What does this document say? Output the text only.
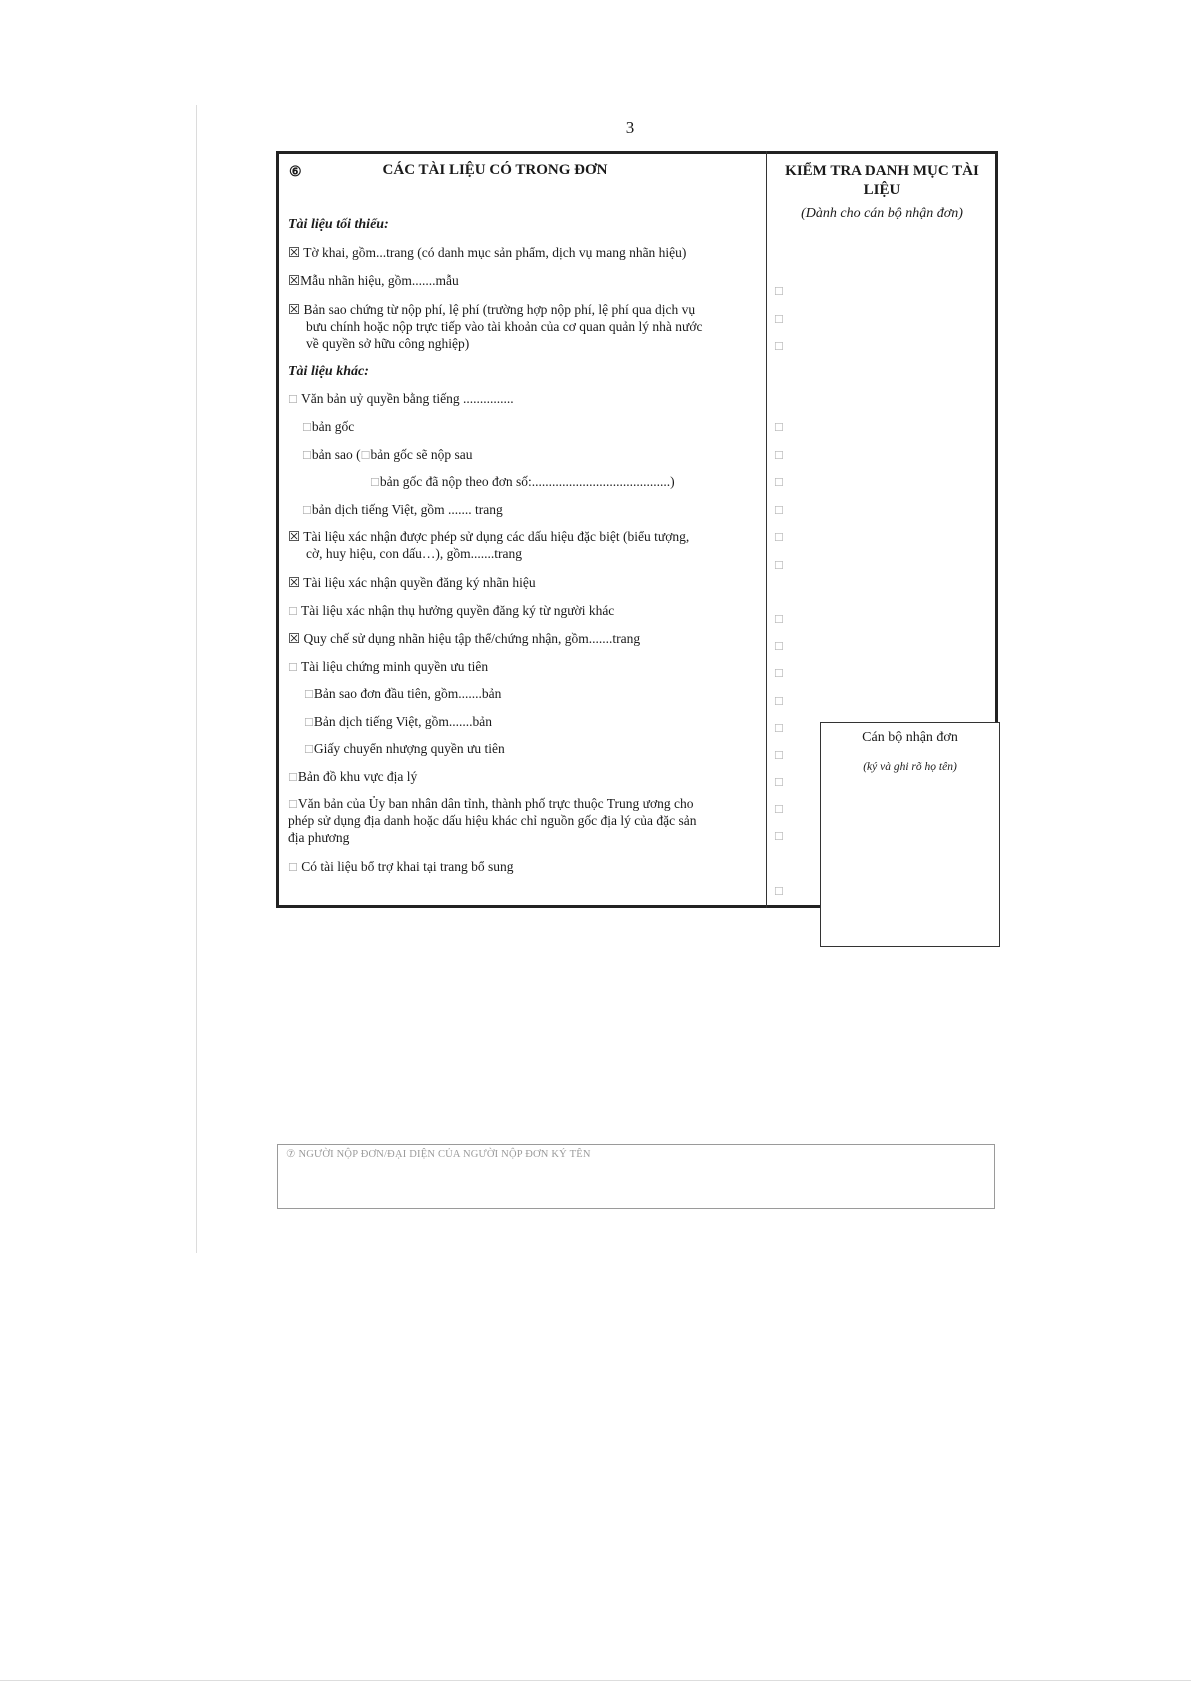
3
⑥	CÁC TÀI LIỆU CÓ TRONG ĐƠN	KIỂM TRA DANH MỤC TÀI LIỆU
(Dành cho cán bộ nhận đơn)
Tài liệu tối thiểu:
☒ Tờ khai, gồm...trang (có danh mục sản phẩm, dịch vụ mang nhãn hiệu)
☒Mẫu nhãn hiệu, gồm.......mẫu
☒ Bản sao chứng từ nộp phí, lệ phí (trường hợp nộp phí, lệ phí qua dịch vụ
bưu chính hoặc nộp trực tiếp vào tài khoản của cơ quan quản lý nhà nước
về quyền sở hữu công nghiệp)
Tài liệu khác:
☐ Văn bản uỷ quyền bằng tiếng ...............
☐bản gốc
☐bản sao (☐bản gốc sẽ nộp sau
☐bản gốc đã nộp theo đơn số:.........................................)
☐bản dịch tiếng Việt, gồm ....... trang
☒ Tài liệu xác nhận được phép sử dụng các dấu hiệu đặc biệt (biểu tượng,
cờ, huy hiệu, con dấu…), gồm.......trang
☒ Tài liệu xác nhận quyền đăng ký nhãn hiệu
☐ Tài liệu xác nhận thụ hưởng quyền đăng ký từ người khác
☒ Quy chế sử dụng nhãn hiệu tập thể/chứng nhận, gồm.......trang
☐ Tài liệu chứng minh quyền ưu tiên
☐Bản sao đơn đầu tiên, gồm.......bản
☐Bản dịch tiếng Việt, gồm.......bản
☐Giấy chuyển nhượng quyền ưu tiên
☐Bản đồ khu vực địa lý
☐Văn bản của Ủy ban nhân dân tỉnh, thành phố trực thuộc Trung ương cho
phép sử dụng địa danh hoặc dấu hiệu khác chỉ nguồn gốc địa lý của đặc sản
địa phương
☐ Có tài liệu bổ trợ khai tại trang bổ sung
☐
☐
☐
☐
☐
☐
☐
☐
☐
☐
☐
☐
☐
☐
☐
☐
☐
☐
☐
Cán bộ nhận đơn
(ký và ghi rõ họ tên)
⑦ NGƯỜI NỘP ĐƠN/ĐẠI DIỆN CỦA NGƯỜI NỘP ĐƠN KÝ TÊN
